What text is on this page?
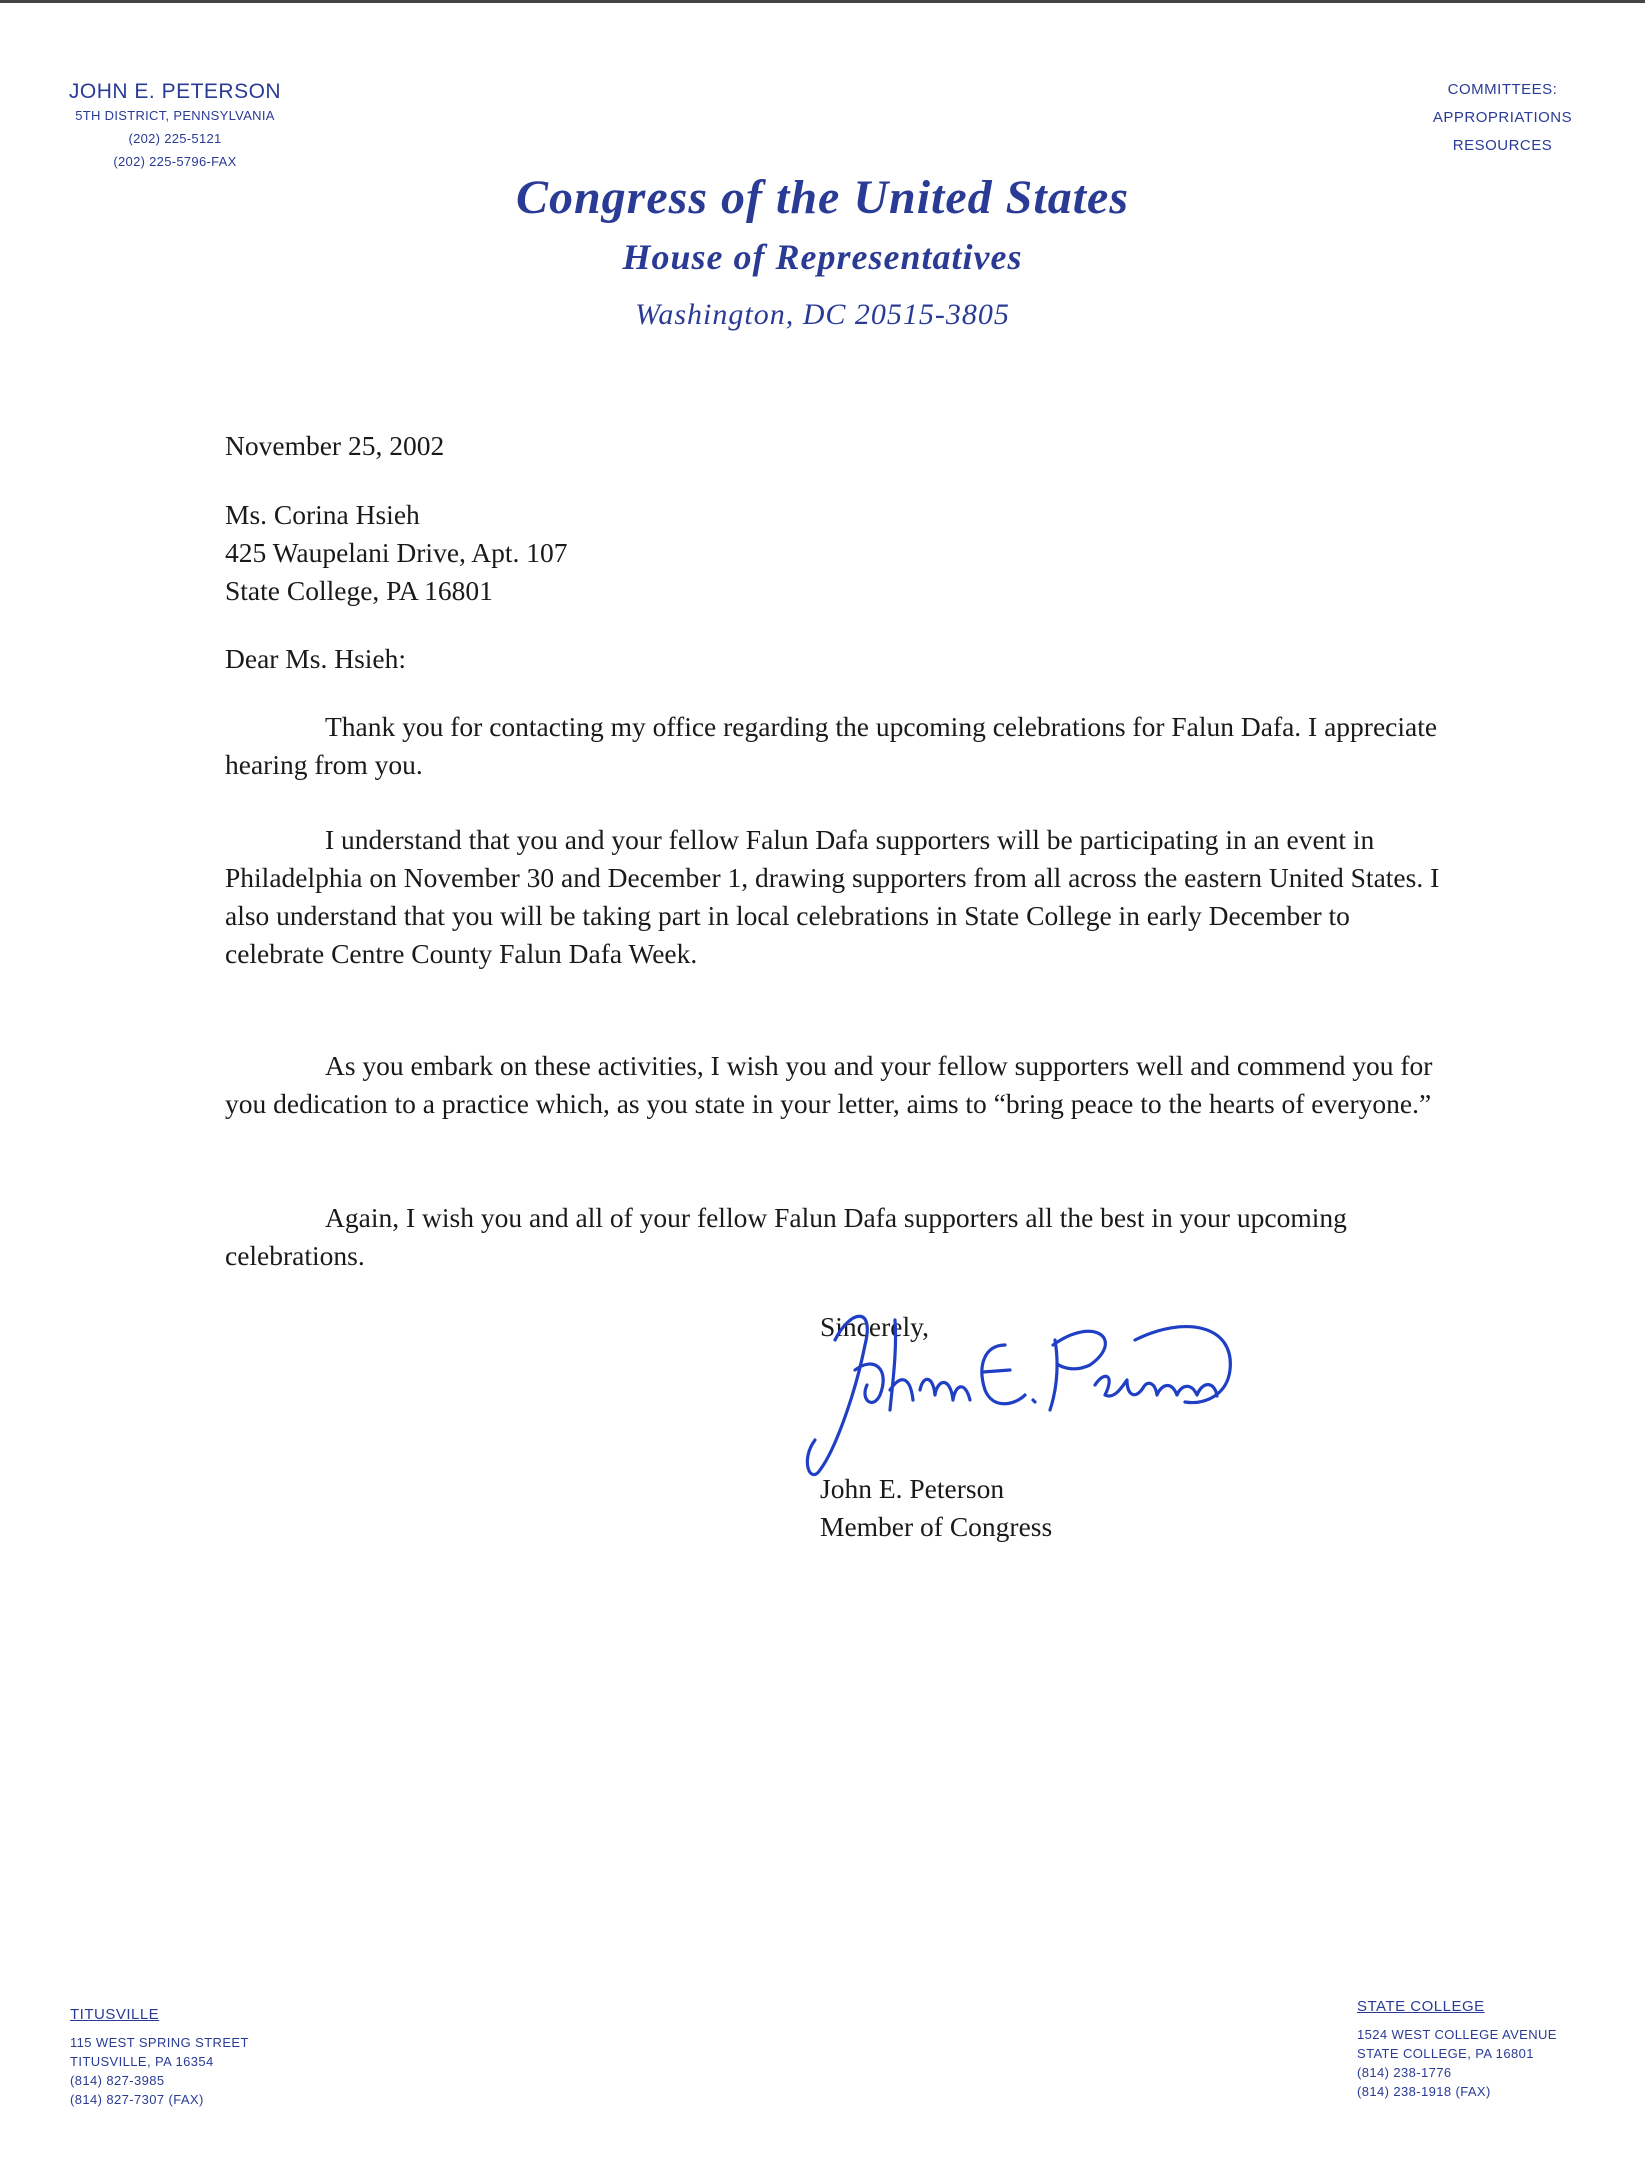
JOHN E. PETERSON
5TH DISTRICT, PENNSYLVANIA
(202) 225-5121
(202) 225-5796-FAX
COMMITTEES:
APPROPRIATIONS
RESOURCES
Congress of the United States
House of Representatives
Washington, DC 20515-3805
November 25, 2002
Ms. Corina Hsieh
425 Waupelani Drive, Apt. 107
State College, PA 16801
Dear Ms. Hsieh:

Thank you for contacting my office regarding the upcoming celebrations for Falun Dafa. I appreciate hearing from you.

I understand that you and your fellow Falun Dafa supporters will be participating in an event in Philadelphia on November 30 and December 1, drawing supporters from all across the eastern United States. I also understand that you will be taking part in local celebrations in State College in early December to celebrate Centre County Falun Dafa Week.

As you embark on these activities, I wish you and your fellow supporters well and commend you for you dedication to a practice which, as you state in your letter, aims to “bring peace to the hearts of everyone.”

Again, I wish you and all of your fellow Falun Dafa supporters all the best in your upcoming celebrations.

Sincerely,
John E. Peterson
Member of Congress
TITUSVILLE
115 WEST SPRING STREET
TITUSVILLE, PA 16354
(814) 827-3985
(814) 827-7307 (FAX)
STATE COLLEGE
1524 WEST COLLEGE AVENUE
STATE COLLEGE, PA 16801
(814) 238-1776
(814) 238-1918 (FAX)
